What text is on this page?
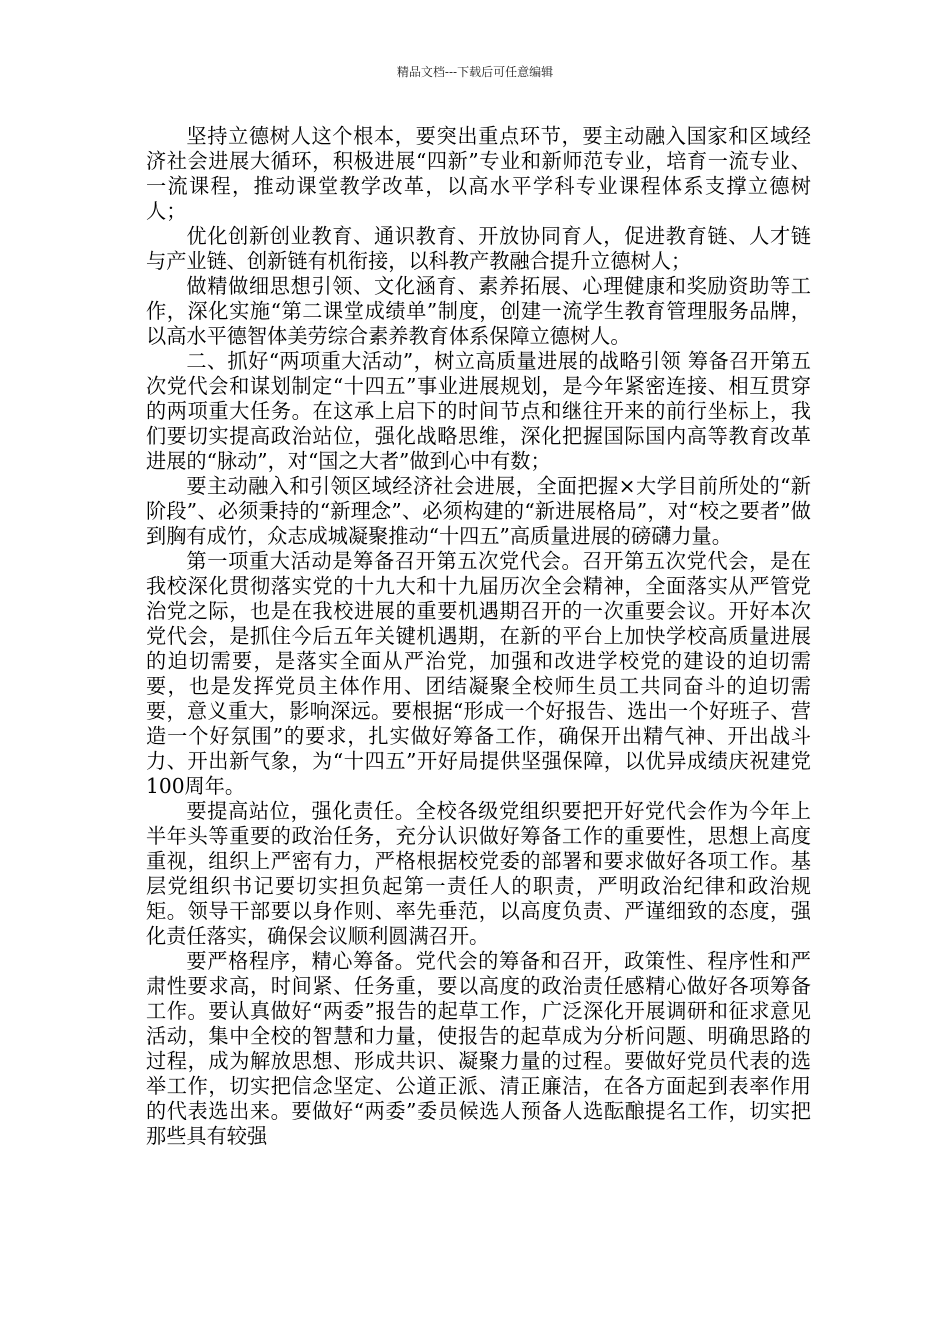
精品文档---下载后可任意编辑

坚持立德树人这个根本，要突出重点环节，要主动融入国家和区域经济社会进展大循环，积极进展“四新”专业和新师范专业，培育一流专业、一流课程，推动课堂教学改革，以高水平学科专业课程体系支撑立德树人；

优化创新创业教育、通识教育、开放协同育人，促进教育链、人才链与产业链、创新链有机衔接，以科教产教融合提升立德树人；

做精做细思想引领、文化涵育、素养拓展、心理健康和奖励资助等工作，深化实施“第二课堂成绩单”制度，创建一流学生教育管理服务品牌，以高水平德智体美劳综合素养教育体系保障立德树人。

二、抓好“两项重大活动”，树立高质量进展的战略引领 筹备召开第五次党代会和谋划制定“十四五”事业进展规划，是今年紧密连接、相互贯穿的两项重大任务。在这承上启下的时间节点和继往开来的前行坐标上，我们要切实提高政治站位，强化战略思维，深化把握国际国内高等教育改革进展的“脉动”，对“国之大者”做到心中有数；

要主动融入和引领区域经济社会进展，全面把握×大学目前所处的“新阶段”、必须秉持的“新理念”、必须构建的“新进展格局”，对“校之要者”做到胸有成竹，众志成城凝聚推动“十四五”高质量进展的磅礴力量。

第一项重大活动是筹备召开第五次党代会。召开第五次党代会，是在我校深化贯彻落实党的十九大和十九届历次全会精神，全面落实从严管党治党之际，也是在我校进展的重要机遇期召开的一次重要会议。开好本次党代会，是抓住今后五年关键机遇期，在新的平台上加快学校高质量进展的迫切需要，是落实全面从严治党，加强和改进学校党的建设的迫切需要，也是发挥党员主体作用、团结凝聚全校师生员工共同奋斗的迫切需要，意义重大，影响深远。要根据“形成一个好报告、选出一个好班子、营造一个好氛围”的要求，扎实做好筹备工作，确保开出精气神、开出战斗力、开出新气象，为“十四五”开好局提供坚强保障，以优异成绩庆祝建党100周年。

要提高站位，强化责任。全校各级党组织要把开好党代会作为今年上半年头等重要的政治任务，充分认识做好筹备工作的重要性，思想上高度重视，组织上严密有力，严格根据校党委的部署和要求做好各项工作。基层党组织书记要切实担负起第一责任人的职责，严明政治纪律和政治规矩。领导干部要以身作则、率先垂范，以高度负责、严谨细致的态度，强化责任落实，确保会议顺利圆满召开。

要严格程序，精心筹备。党代会的筹备和召开，政策性、程序性和严肃性要求高，时间紧、任务重，要以高度的政治责任感精心做好各项筹备工作。要认真做好“两委”报告的起草工作，广泛深化开展调研和征求意见活动，集中全校的智慧和力量，使报告的起草成为分析问题、明确思路的过程，成为解放思想、形成共识、凝聚力量的过程。要做好党员代表的选举工作，切实把信念坚定、公道正派、清正廉洁，在各方面起到表率作用的代表选出来。要做好“两委”委员候选人预备人选酝酿提名工作，切实把那些具有较强
